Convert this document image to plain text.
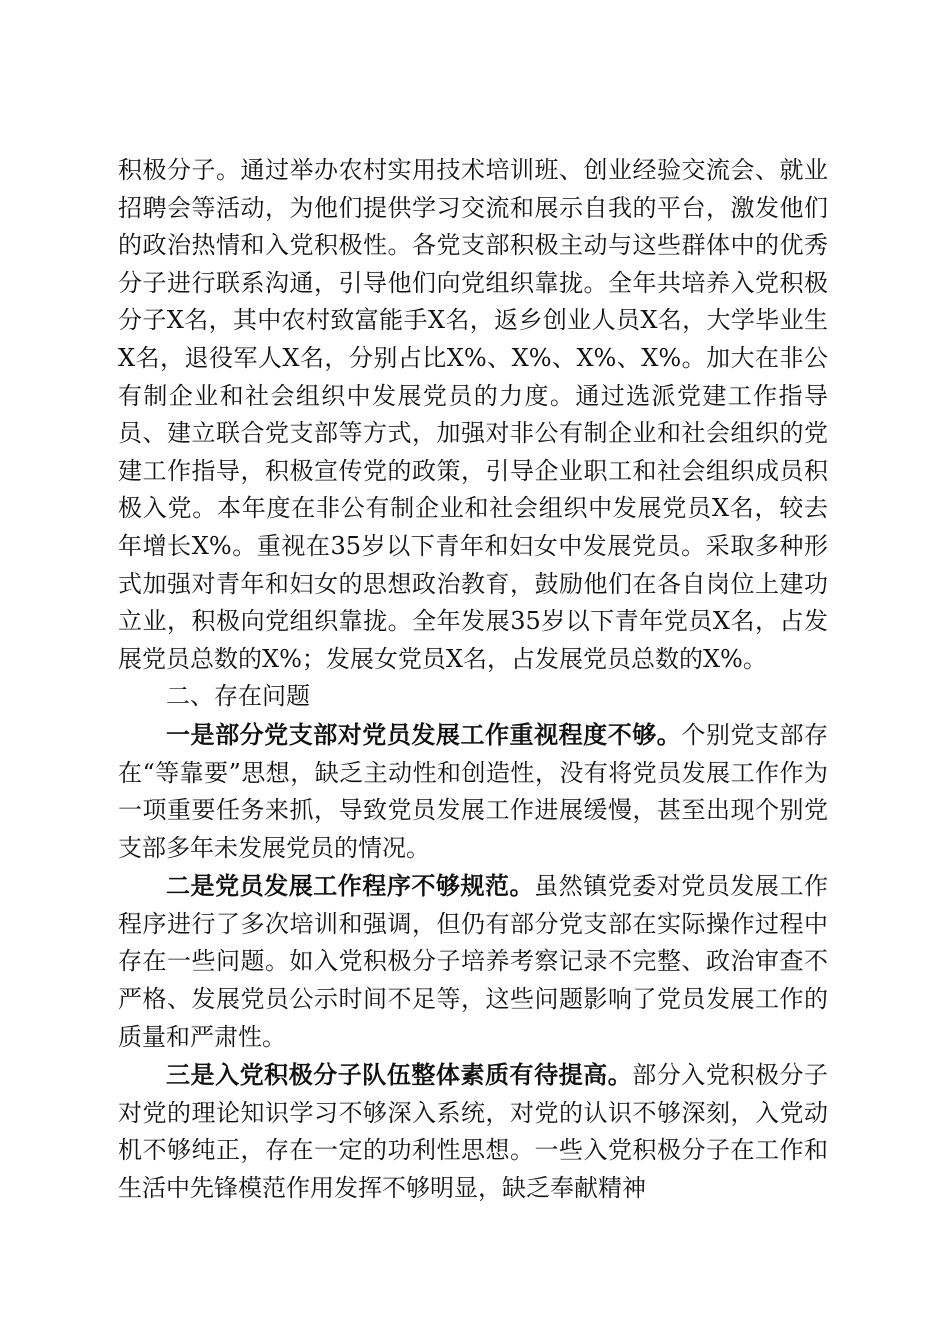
积极分子。通过举办农村实用技术培训班、创业经验交流会、就业招聘会等活动，为他们提供学习交流和展示自我的平台，激发他们的政治热情和入党积极性。各党支部积极主动与这些群体中的优秀分子进行联系沟通，引导他们向党组织靠拢。全年共培养入党积极分子X名，其中农村致富能手X名，返乡创业人员X名，大学毕业生X名，退役军人X名，分别占比X%、X%、X%、X%。加大在非公有制企业和社会组织中发展党员的力度。通过选派党建工作指导员、建立联合党支部等方式，加强对非公有制企业和社会组织的党建工作指导，积极宣传党的政策，引导企业职工和社会组织成员积极入党。本年度在非公有制企业和社会组织中发展党员X名，较去年增长X%。重视在35岁以下青年和妇女中发展党员。采取多种形式加强对青年和妇女的思想政治教育，鼓励他们在各自岗位上建功立业，积极向党组织靠拢。全年发展35岁以下青年党员X名，占发展党员总数的X%；发展女党员X名，占发展党员总数的X%。

二、存在问题

一是部分党支部对党员发展工作重视程度不够。个别党支部存在“等靠要”思想，缺乏主动性和创造性，没有将党员发展工作作为一项重要任务来抓，导致党员发展工作进展缓慢，甚至出现个别党支部多年未发展党员的情况。

二是党员发展工作程序不够规范。虽然镇党委对党员发展工作程序进行了多次培训和强调，但仍有部分党支部在实际操作过程中存在一些问题。如入党积极分子培养考察记录不完整、政治审查不严格、发展党员公示时间不足等，这些问题影响了党员发展工作的质量和严肃性。

三是入党积极分子队伍整体素质有待提高。部分入党积极分子对党的理论知识学习不够深入系统，对党的认识不够深刻，入党动机不够纯正，存在一定的功利性思想。一些入党积极分子在工作和生活中先锋模范作用发挥不够明显，缺乏奉献精神
